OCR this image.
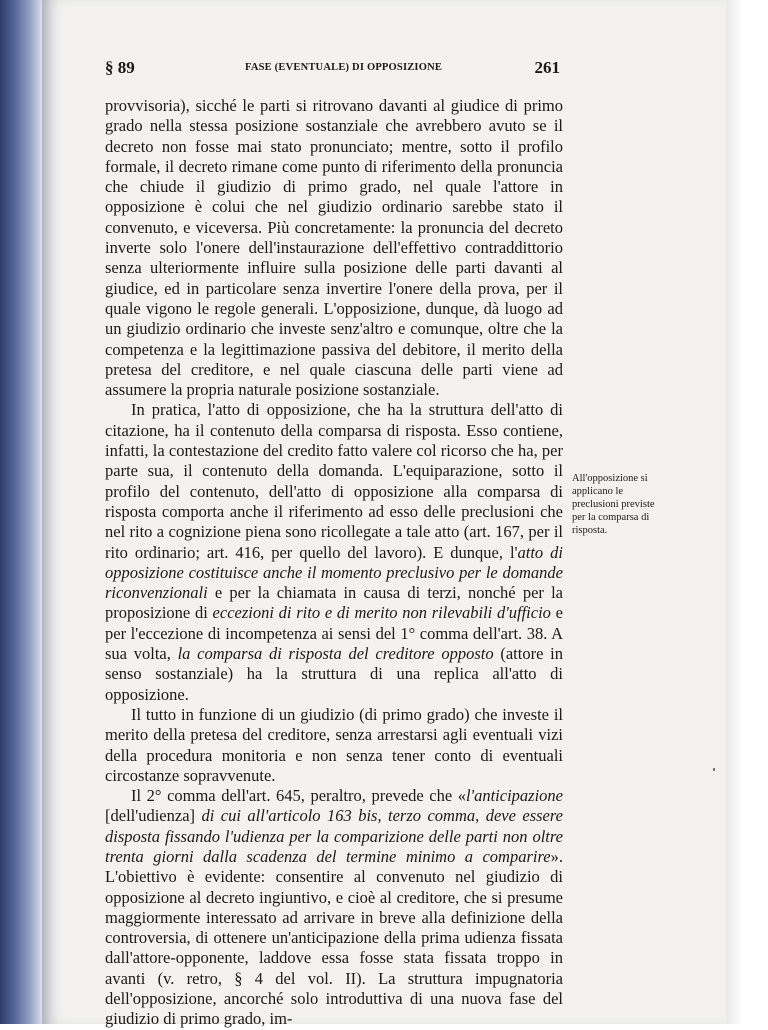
§ 89	FASE (EVENTUALE) DI OPPOSIZIONE	261

provvisoria), sicché le parti si ritrovano davanti al giudice di primo grado nella stessa posizione sostanziale che avrebbero avuto se il decreto non fosse mai stato pronunciato; mentre, sotto il profilo formale, il decreto rimane come punto di riferimento della pronuncia che chiude il giudizio di primo grado, nel quale l'attore in opposizione è colui che nel giudizio ordinario sarebbe stato il convenuto, e viceversa. Più concretamente: la pronuncia del decreto inverte solo l'onere dell'instaurazione dell'effettivo contraddittorio senza ulteriormente influire sulla posizione delle parti davanti al giudice, ed in particolare senza invertire l'onere della prova, per il quale vigono le regole generali. L'opposizione, dunque, dà luogo ad un giudizio ordinario che investe senz'altro e comunque, oltre che la competenza e la legittimazione passiva del debitore, il merito della pretesa del creditore, e nel quale ciascuna delle parti viene ad assumere la propria naturale posizione sostanziale.

In pratica, l'atto di opposizione, che ha la struttura dell'atto di citazione, ha il contenuto della comparsa di risposta. Esso contiene, infatti, la contestazione del credito fatto valere col ricorso che ha, per parte sua, il contenuto della domanda. L'equiparazione, sotto il profilo del contenuto, dell'atto di opposizione alla comparsa di risposta comporta anche il riferimento ad esso delle preclusioni che nel rito a cognizione piena sono ricollegate a tale atto (art. 167, per il rito ordinario; art. 416, per quello del lavoro). E dunque, l'atto di opposizione costituisce anche il momento preclusivo per le domande riconvenzionali e per la chiamata in causa di terzi, nonché per la proposizione di eccezioni di rito e di merito non rilevabili d'ufficio e per l'eccezione di incompetenza ai sensi del 1° comma dell'art. 38. A sua volta, la comparsa di risposta del creditore opposto (attore in senso sostanziale) ha la struttura di una replica all'atto di opposizione.

Il tutto in funzione di un giudizio (di primo grado) che investe il merito della pretesa del creditore, senza arrestarsi agli eventuali vizi della procedura monitoria e non senza tener conto di eventuali circostanze sopravvenute.

Il 2° comma dell'art. 645, peraltro, prevede che «l'anticipazione [dell'udienza] di cui all'articolo 163 bis, terzo comma, deve essere disposta fissando l'udienza per la comparizione delle parti non oltre trenta giorni dalla scadenza del termine minimo a comparire». L'obiettivo è evidente: consentire al convenuto nel giudizio di opposizione al decreto ingiuntivo, e cioè al creditore, che si presume maggiormente interessato ad arrivare in breve alla definizione della controversia, di ottenere un'anticipazione della prima udienza fissata dall'attore-opponente, laddove essa fosse stata fissata troppo in avanti (v. retro, § 4 del vol. II). La struttura impugnatoria dell'opposizione, ancorché solo introduttiva di una nuova fase del giudizio di primo grado, im-

All'opposizione si applicano le preclusioni previste per la comparsa di risposta.
